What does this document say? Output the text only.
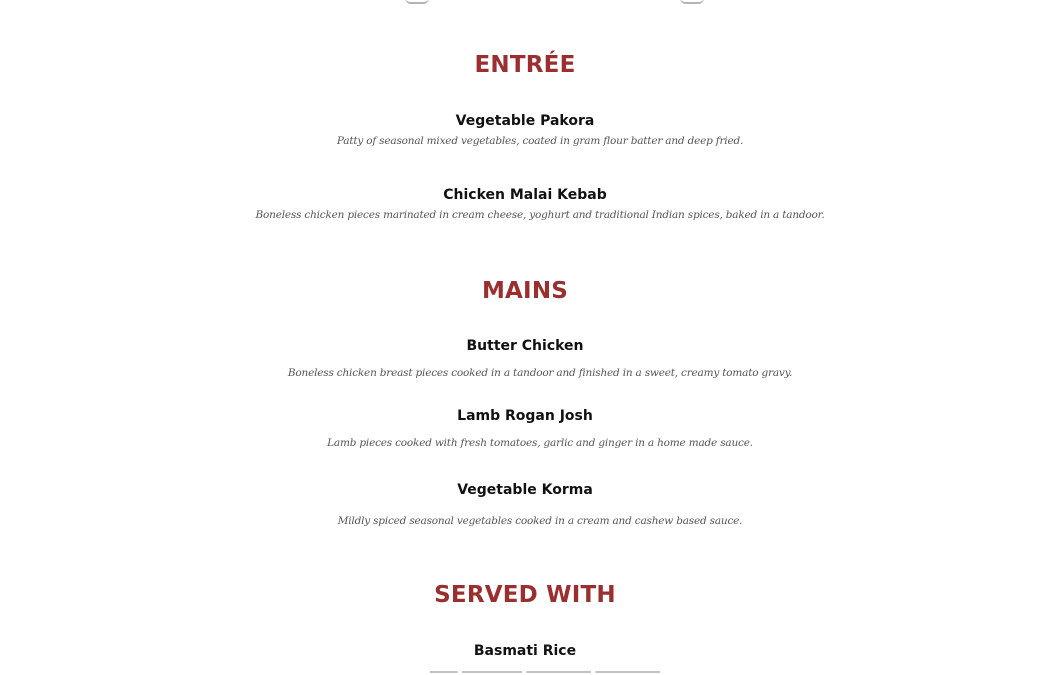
ENTRÉE
Vegetable Pakora
Patty of seasonal mixed vegetables, coated in gram flour batter and deep fried.
Chicken Malai Kebab
Boneless chicken pieces marinated in cream cheese, yoghurt and traditional Indian spices, baked in a tandoor.
MAINS
Butter Chicken
Boneless chicken breast pieces cooked in a tandoor and finished in a sweet, creamy tomato gravy.
Lamb Rogan Josh
Lamb pieces cooked with fresh tomatoes, garlic and ginger in a home made sauce.
Vegetable Korma
Mildly spiced seasonal vegetables cooked in a cream and cashew based sauce.
SERVED WITH
Basmati Rice
